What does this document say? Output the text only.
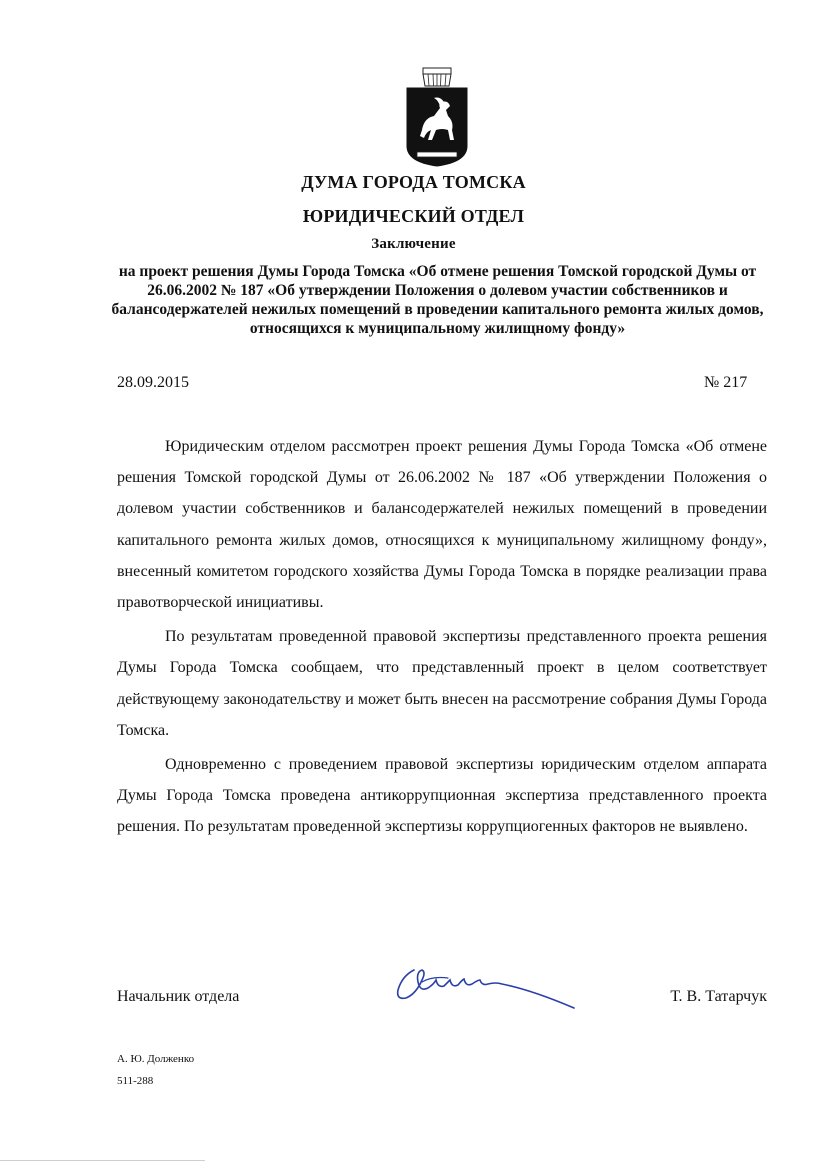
ДУМА ГОРОДА ТОМСКА
ЮРИДИЧЕСКИЙ ОТДЕЛ
Заключение
на проект решения Думы Города Томска «Об отмене решения Томской городской Думы от 26.06.2002 № 187 «Об утверждении Положения о долевом участии собственников и балансодержателей нежилых помещений в проведении капитального ремонта жилых домов, относящихся к муниципальному жилищному фонду»
28.09.2015	№ 217

Юридическим отделом рассмотрен проект решения Думы Города Томска «Об отмене решения Томской городской Думы от 26.06.2002 № 187 «Об утверждении Положения о долевом участии собственников и балансодержателей нежилых помещений в проведении капитального ремонта жилых домов, относящихся к муниципальному жилищному фонду», внесенный комитетом городского хозяйства Думы Города Томска в порядке реализации права правотворческой инициативы.

По результатам проведенной правовой экспертизы представленного проекта решения Думы Города Томска сообщаем, что представленный проект в целом соответствует действующему законодательству и может быть внесен на рассмотрение собрания Думы Города Томска.

Одновременно с проведением правовой экспертизы юридическим отделом аппарата Думы Города Томска проведена антикоррупционная экспертиза представленного проекта решения. По результатам проведенной экспертизы коррупциогенных факторов не выявлено.

Начальник отдела	Т. В. Татарчук
А. Ю. Долженко
511-288
